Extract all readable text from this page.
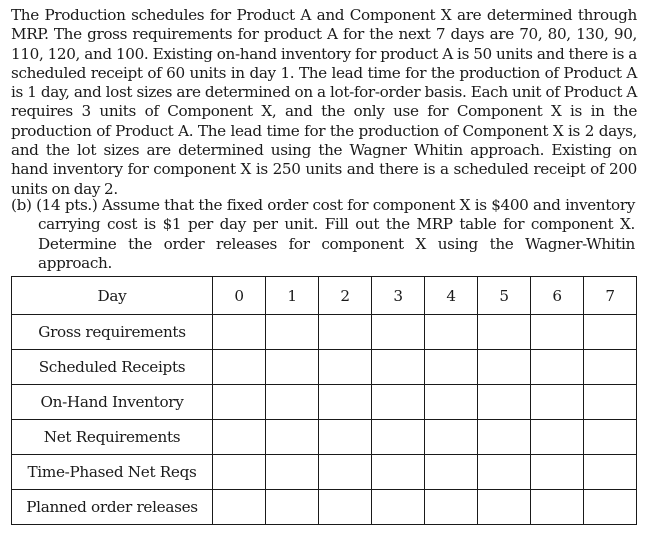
The Production schedules for Product A and Component X are determined through MRP. The gross requirements for product A for the next 7 days are 70, 80, 130, 90, 110, 120, and 100. Existing on-hand inventory for product A is 50 units and there is a scheduled receipt of 60 units in day 1. The lead time for the production of Product A is 1 day, and lost sizes are determined on a lot-for-order basis. Each unit of Product A requires 3 units of Component X, and the only use for Component X is in the production of Product A. The lead time for the production of Component X is 2 days, and the lot sizes are determined using the Wagner Whitin approach. Existing on hand inventory for component X is 250 units and there is a scheduled receipt of 200 units on day 2.

(b) (14 pts.) Assume that the fixed order cost for component X is $400 and inventory carrying cost is $1 per day per unit. Fill out the MRP table for component X. Determine the order releases for component X using the Wagner-Whitin approach.

Day	0	1	2	3	4	5	6	7
Gross requirements								
Scheduled Receipts								
On-Hand Inventory								
Net Requirements								
Time-Phased Net Reqs								
Planned order releases								
